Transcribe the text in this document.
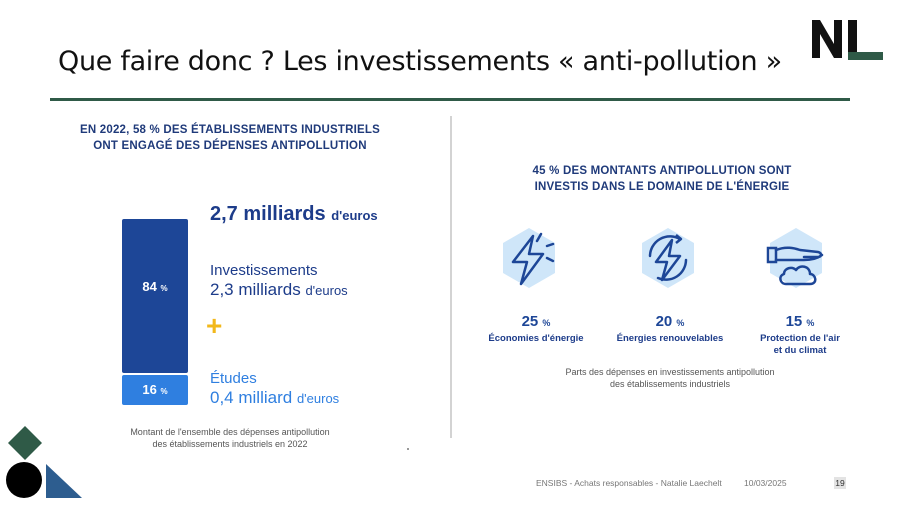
Que faire donc ? Les investissements « anti-pollution »
EN 2022, 58 % DES ÉTABLISSEMENTS INDUSTRIELS
ONT ENGAGÉ DES DÉPENSES ANTIPOLLUTION
84 %
16 %
2,7 milliards d'euros
Investissements
2,3 milliards d'euros
+
Études
0,4 milliard d'euros
Montant de l'ensemble des dépenses antipollution
des établissements industriels en 2022
45 % DES MONTANTS ANTIPOLLUTION SONT
INVESTIS DANS LE DOMAINE DE L'ÉNERGIE
25 %	20 %	15 %
Économies d'énergie	Énergies renouvelables	Protection de l'air
et du climat
Parts des dépenses en investissements antipollution
des établissements industriels
ENSIBS - Achats responsables - Natalie Laechelt	10/03/2025	19
